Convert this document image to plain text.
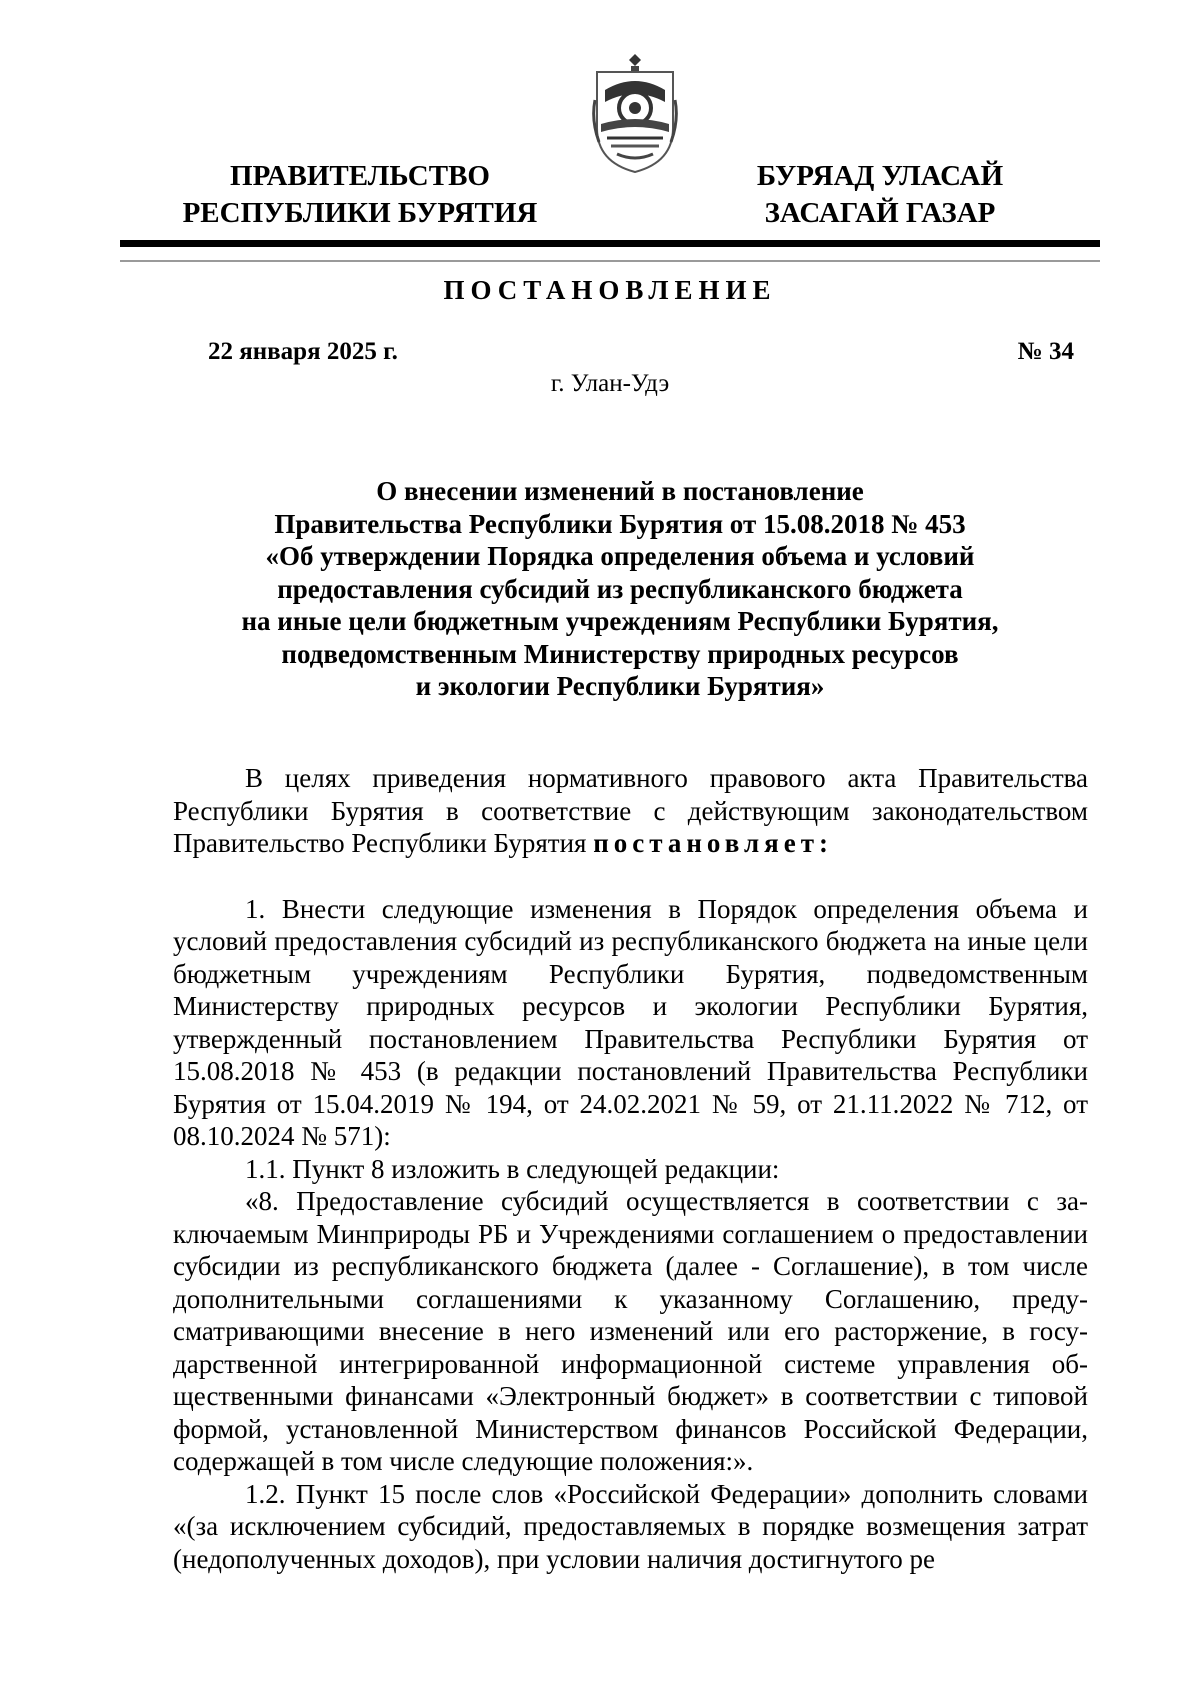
ПРАВИТЕЛЬСТВО
РЕСПУБЛИКИ БУРЯТИЯ
БУРЯАД УЛАСАЙ
ЗАСАГАЙ ГАЗАР
ПОСТАНОВЛЕНИЕ
22 января 2025 г.	№ 34
г. Улан-Удэ
О внесении изменений в постановление
Правительства Республики Бурятия от 15.08.2018 № 453
«Об утверждении Порядка определения объема и условий
предоставления субсидий из республиканского бюджета
на иные цели бюджетным учреждениям Республики Бурятия,
подведомственным Министерству природных ресурсов
и экологии Республики Бурятия»

В целях приведения нормативного правового акта Правительства Республики Бурятия в соответствие с действующим законодательством Правительство Республики Бурятия постановляет:

1. Внести следующие изменения в Порядок определения объема и условий предоставления субсидий из республиканского бюджета на иные цели бюджетным учреждениям Республики Бурятия, подведомственным Министерству природных ресурсов и экологии Республики Бурятия, утвержденный постановлением Правительства Республики Бурятия от 15.08.2018 № 453 (в редакции постановлений Правительства Республики Бурятия от 15.04.2019 № 194, от 24.02.2021 № 59, от 21.11.2022 № 712, от 08.10.2024 № 571):

1.1. Пункт 8 изложить в следующей редакции:

«8. Предоставление субсидий осуществляется в соответствии с заключаемым Минприроды РБ и Учреждениями соглашением о предоставлении субсидии из республиканского бюджета (далее - Соглашение), в том числе дополнительными соглашениями к указанному Соглашению, предусматривающими внесение в него изменений или его расторжение, в государственной интегрированной информационной системе управления общественными финансами «Электронный бюджет» в соответствии с типовой формой, установленной Министерством финансов Российской Федерации, содержащей в том числе следующие положения:».

1.2. Пункт 15 после слов «Российской Федерации» дополнить словами «(за исключением субсидий, предоставляемых в порядке возмещения затрат (недополученных доходов), при условии наличия достигнутого ре
